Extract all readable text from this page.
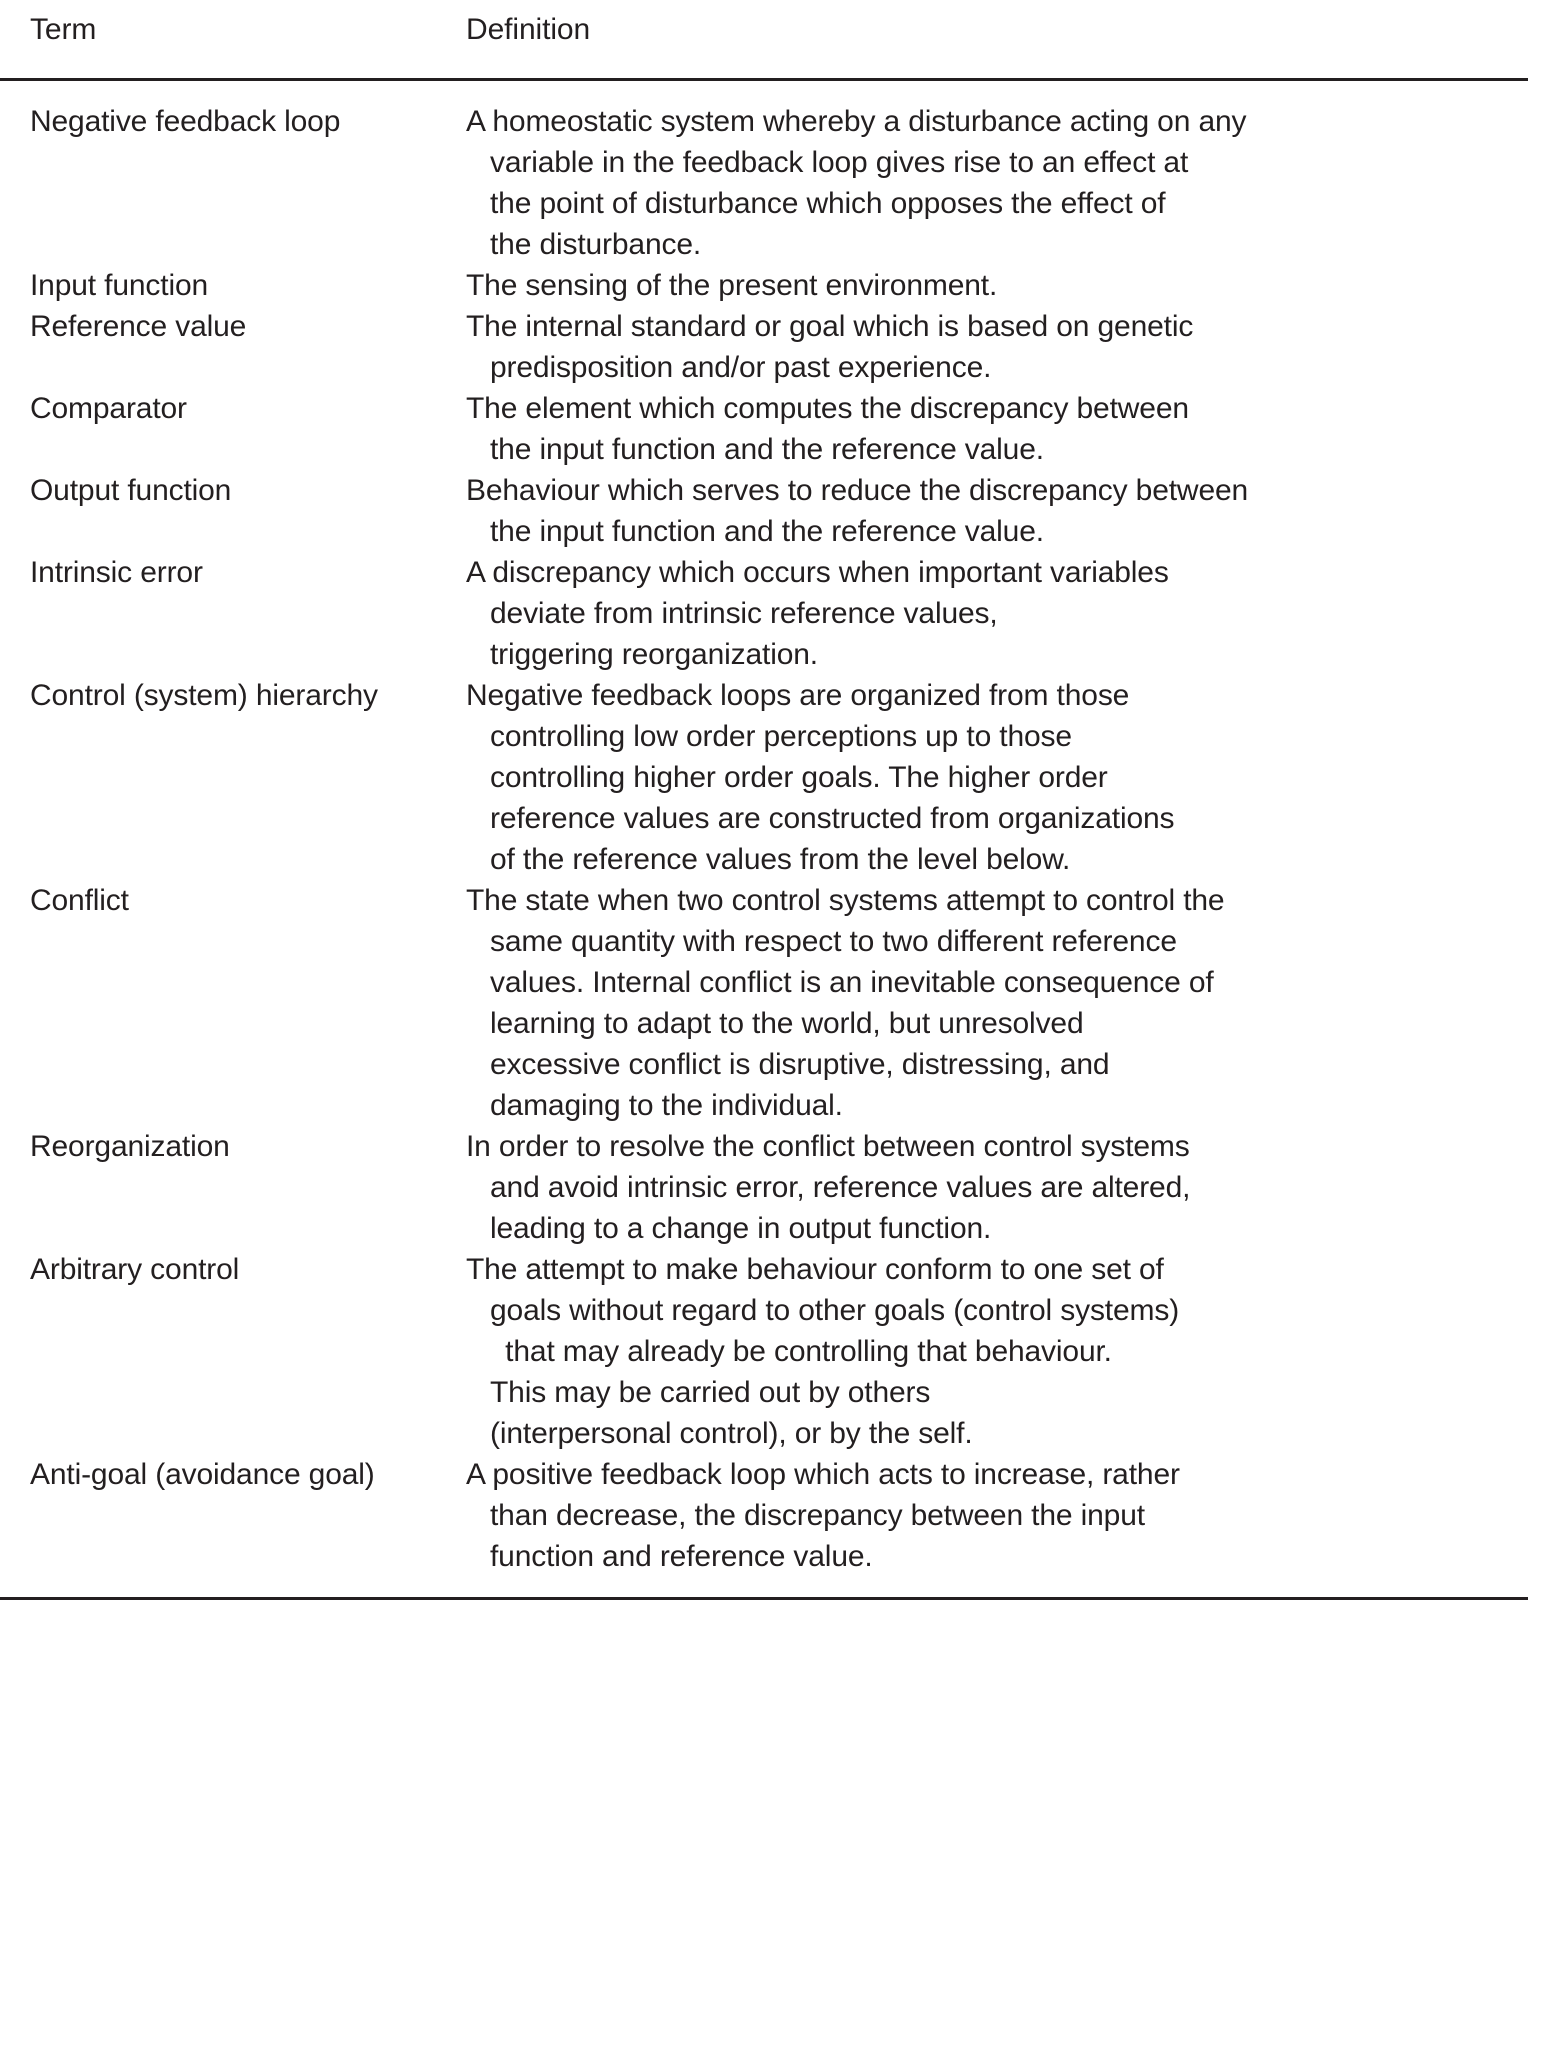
Term	Definition
Negative feedback loop	A homeostatic system whereby a disturbance acting on any
variable in the feedback loop gives rise to an effect at
the point of disturbance which opposes the effect of
the disturbance.
Input function	The sensing of the present environment.
Reference value	The internal standard or goal which is based on genetic
predisposition and/or past experience.
Comparator	The element which computes the discrepancy between
the input function and the reference value.
Output function	Behaviour which serves to reduce the discrepancy between
the input function and the reference value.
Intrinsic error	A discrepancy which occurs when important variables
deviate from intrinsic reference values,
triggering reorganization.
Control (system) hierarchy	Negative feedback loops are organized from those
controlling low order perceptions up to those
controlling higher order goals. The higher order
reference values are constructed from organizations
of the reference values from the level below.
Conflict	The state when two control systems attempt to control the
same quantity with respect to two different reference
values. Internal conflict is an inevitable consequence of
learning to adapt to the world, but unresolved
excessive conflict is disruptive, distressing, and
damaging to the individual.
Reorganization	In order to resolve the conflict between control systems
and avoid intrinsic error, reference values are altered,
leading to a change in output function.
Arbitrary control	The attempt to make behaviour conform to one set of
goals without regard to other goals (control systems)
that may already be controlling that behaviour.
This may be carried out by others
(interpersonal control), or by the self.
Anti-goal (avoidance goal)	A positive feedback loop which acts to increase, rather
than decrease, the discrepancy between the input
function and reference value.
